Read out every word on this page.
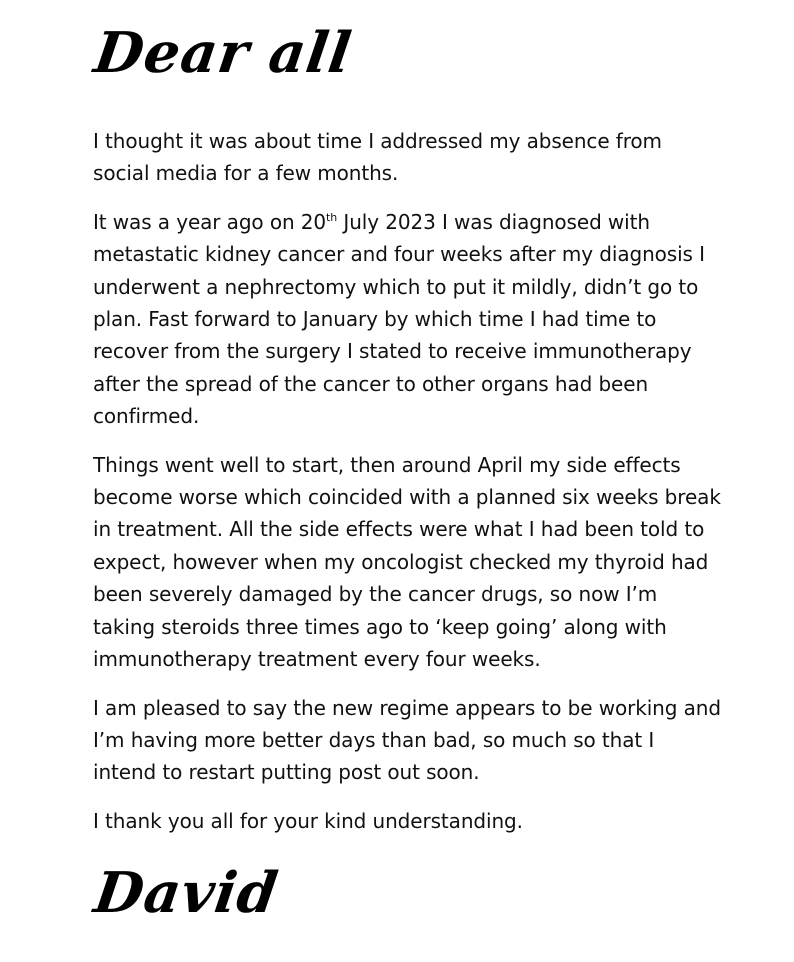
Dear all

I thought it was about time I addressed my absence from social media for a few months.

It was a year ago on 20th July 2023 I was diagnosed with metastatic kidney cancer and four weeks after my diagnosis I underwent a nephrectomy which to put it mildly, didn’t go to plan. Fast forward to January by which time I had time to recover from the surgery I stated to receive immunotherapy after the spread of the cancer to other organs had been confirmed.

Things went well to start, then around April my side effects become worse which coincided with a planned six weeks break in treatment. All the side effects were what I had been told to expect, however when my oncologist checked my thyroid had been severely damaged by the cancer drugs, so now I’m taking steroids three times ago to ‘keep going’ along with immunotherapy treatment every four weeks.

I am pleased to say the new regime appears to be working and I’m having more better days than bad, so much so that I intend to restart putting post out soon.

I thank you all for your kind understanding.

David
